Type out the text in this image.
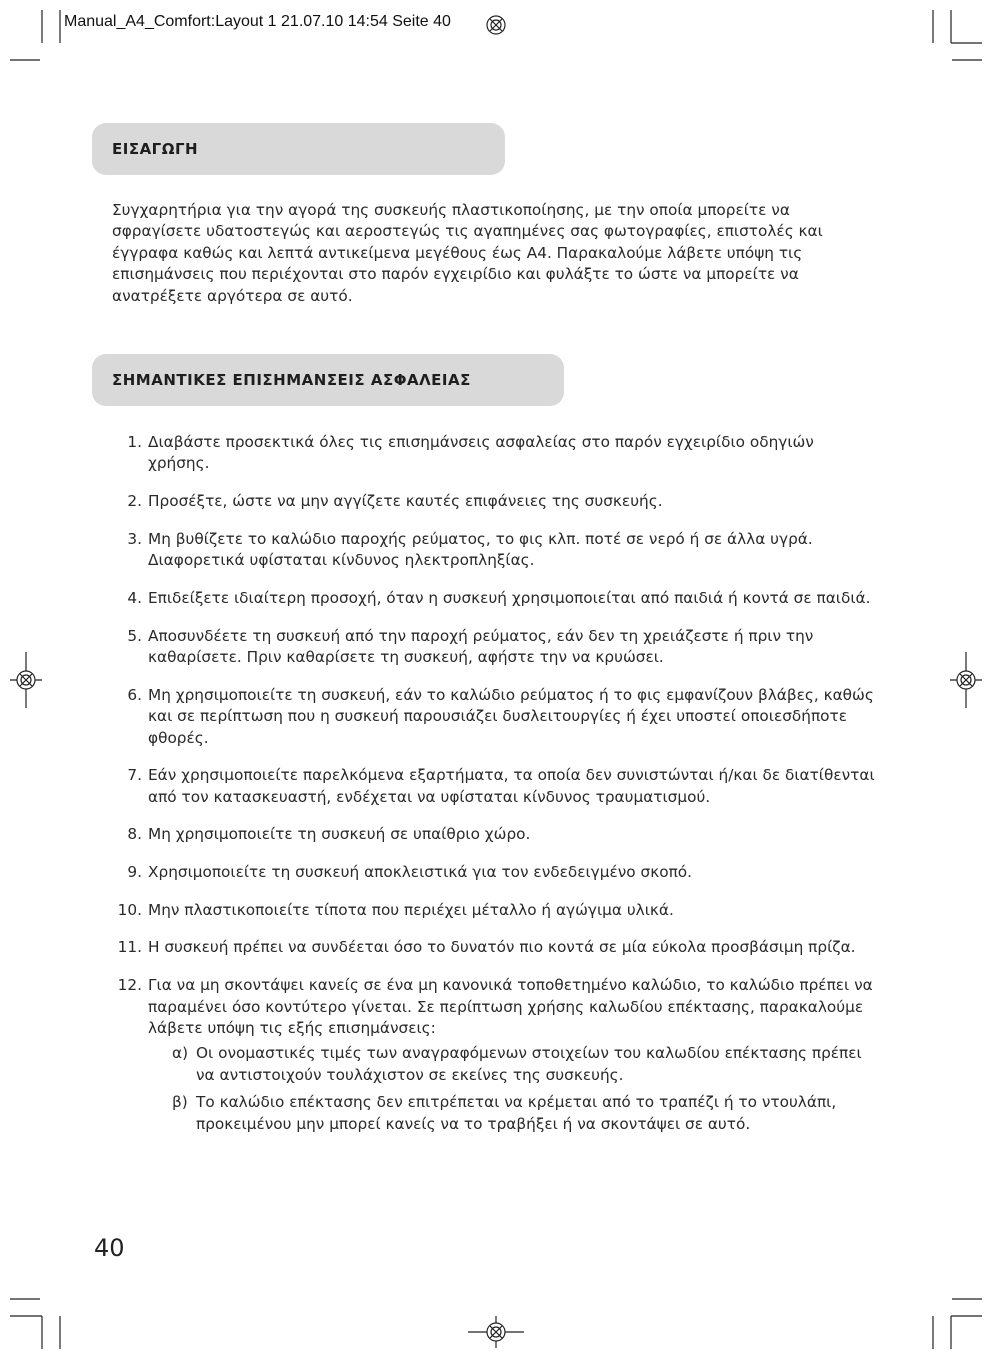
Manual_A4_Comfort:Layout 1 21.07.10 14:54 Seite 40
ΕΙΣΑΓΩΓΗ

Συγχαρητήρια για την αγορά της συσκευής πλαστικοποίησης, με την οποία μπορείτε να σφραγίσετε υδατοστεγώς και αεροστεγώς τις αγαπημένες σας φωτογραφίες, επιστολές και έγγραφα καθώς και λεπτά αντικείμενα μεγέθους έως Α4. Παρακαλούμε λάβετε υπόψη τις επισημάνσεις που περιέχονται στο παρόν εγχειρίδιο και φυλάξτε το ώστε να μπορείτε να ανατρέξετε αργότερα σε αυτό.

ΣΗΜΑΝΤΙΚΕΣ ΕΠΙΣΗΜΑΝΣΕΙΣ ΑΣΦΑΛΕΙΑΣ
1. Διαβάστε προσεκτικά όλες τις επισημάνσεις ασφαλείας στο παρόν εγχειρίδιο οδηγιών χρήσης.
2. Προσέξτε, ώστε να μην αγγίζετε καυτές επιφάνειες της συσκευής.
3. Μη βυθίζετε το καλώδιο παροχής ρεύματος, το φις κλπ. ποτέ σε νερό ή σε άλλα υγρά. Διαφορετικά υφίσταται κίνδυνος ηλεκτροπληξίας.
4. Επιδείξετε ιδιαίτερη προσοχή, όταν η συσκευή χρησιμοποιείται από παιδιά ή κοντά σε παιδιά.
5. Αποσυνδέετε τη συσκευή από την παροχή ρεύματος, εάν δεν τη χρειάζεστε ή πριν την καθαρίσετε. Πριν καθαρίσετε τη συσκευή, αφήστε την να κρυώσει.
6. Μη χρησιμοποιείτε τη συσκευή, εάν το καλώδιο ρεύματος ή το φις εμφανίζουν βλάβες, καθώς και σε περίπτωση που η συσκευή παρουσιάζει δυσλειτουργίες ή έχει υποστεί οποιεσδήποτε φθορές.
7. Εάν χρησιμοποιείτε παρελκόμενα εξαρτήματα, τα οποία δεν συνιστώνται ή/και δε διατίθενται από τον κατασκευαστή, ενδέχεται να υφίσταται κίνδυνος τραυματισμού.
8. Μη χρησιμοποιείτε τη συσκευή σε υπαίθριο χώρο.
9. Χρησιμοποιείτε τη συσκευή αποκλειστικά για τον ενδεδειγμένο σκοπό.
10. Μην πλαστικοποιείτε τίποτα που περιέχει μέταλλο ή αγώγιμα υλικά.
11. Η συσκευή πρέπει να συνδέεται όσο το δυνατόν πιο κοντά σε μία εύκολα προσβάσιμη πρίζα.
12. Για να μη σκοντάψει κανείς σε ένα μη κανονικά τοποθετημένο καλώδιο, το καλώδιο πρέπει να παραμένει όσο κοντύτερο γίνεται. Σε περίπτωση χρήσης καλωδίου επέκτασης, παρακαλούμε λάβετε υπόψη τις εξής επισημάνσεις:
α) Οι ονομαστικές τιμές των αναγραφόμενων στοιχείων του καλωδίου επέκτασης πρέπει να αντιστοιχούν τουλάχιστον σε εκείνες της συσκευής.
β) Το καλώδιο επέκτασης δεν επιτρέπεται να κρέμεται από το τραπέζι ή το ντουλάπι, προκειμένου μην μπορεί κανείς να το τραβήξει ή να σκοντάψει σε αυτό.
40
